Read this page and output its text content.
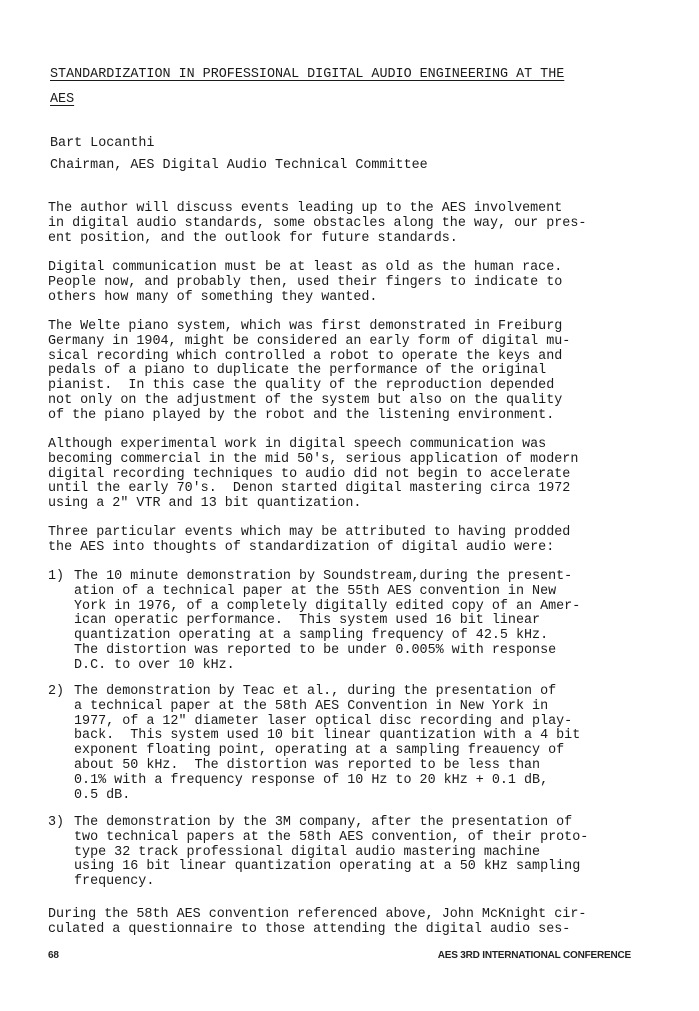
STANDARDIZATION IN PROFESSIONAL DIGITAL AUDIO ENGINEERING AT THE

AES

Bart Locanthi

Chairman, AES Digital Audio Technical Committee

The author will discuss events leading up to the AES involvement
in digital audio standards, some obstacles along the way, our pres-
ent position, and the outlook for future standards.

Digital communication must be at least as old as the human race.
People now, and probably then, used their fingers to indicate to
others how many of something they wanted.

The Welte piano system, which was first demonstrated in Freiburg
Germany in 1904, might be considered an early form of digital mu-
sical recording which controlled a robot to operate the keys and
pedals of a piano to duplicate the performance of the original
pianist.  In this case the quality of the reproduction depended
not only on the adjustment of the system but also on the quality
of the piano played by the robot and the listening environment.

Although experimental work in digital speech communication was
becoming commercial in the mid 50's, serious application of modern
digital recording techniques to audio did not begin to accelerate
until the early 70's.  Denon started digital mastering circa 1972
using a 2" VTR and 13 bit quantization.

Three particular events which may be attributed to having prodded
the AES into thoughts of standardization of digital audio were:

1) The 10 minute demonstration by Soundstream,during the present-
ation of a technical paper at the 55th AES convention in New
York in 1976, of a completely digitally edited copy of an Amer-
ican operatic performance.  This system used 16 bit linear
quantization operating at a sampling frequency of 42.5 kHz.
The distortion was reported to be under 0.005% with response
D.C. to over 10 kHz.
2) The demonstration by Teac et al., during the presentation of
a technical paper at the 58th AES Convention in New York in
1977, of a 12" diameter laser optical disc recording and play-
back.  This system used 10 bit linear quantization with a 4 bit
exponent floating point, operating at a sampling freauency of
about 50 kHz.  The distortion was reported to be less than
0.1% with a frequency response of 10 Hz to 20 kHz + 0.1 dB,
0.5 dB.
3) The demonstration by the 3M company, after the presentation of
two technical papers at the 58th AES convention, of their proto-
type 32 track professional digital audio mastering machine
using 16 bit linear quantization operating at a 50 kHz sampling
frequency.

During the 58th AES convention referenced above, John McKnight cir-
culated a questionnaire to those attending the digital audio ses-

68	AES 3RD INTERNATIONAL CONFERENCE
